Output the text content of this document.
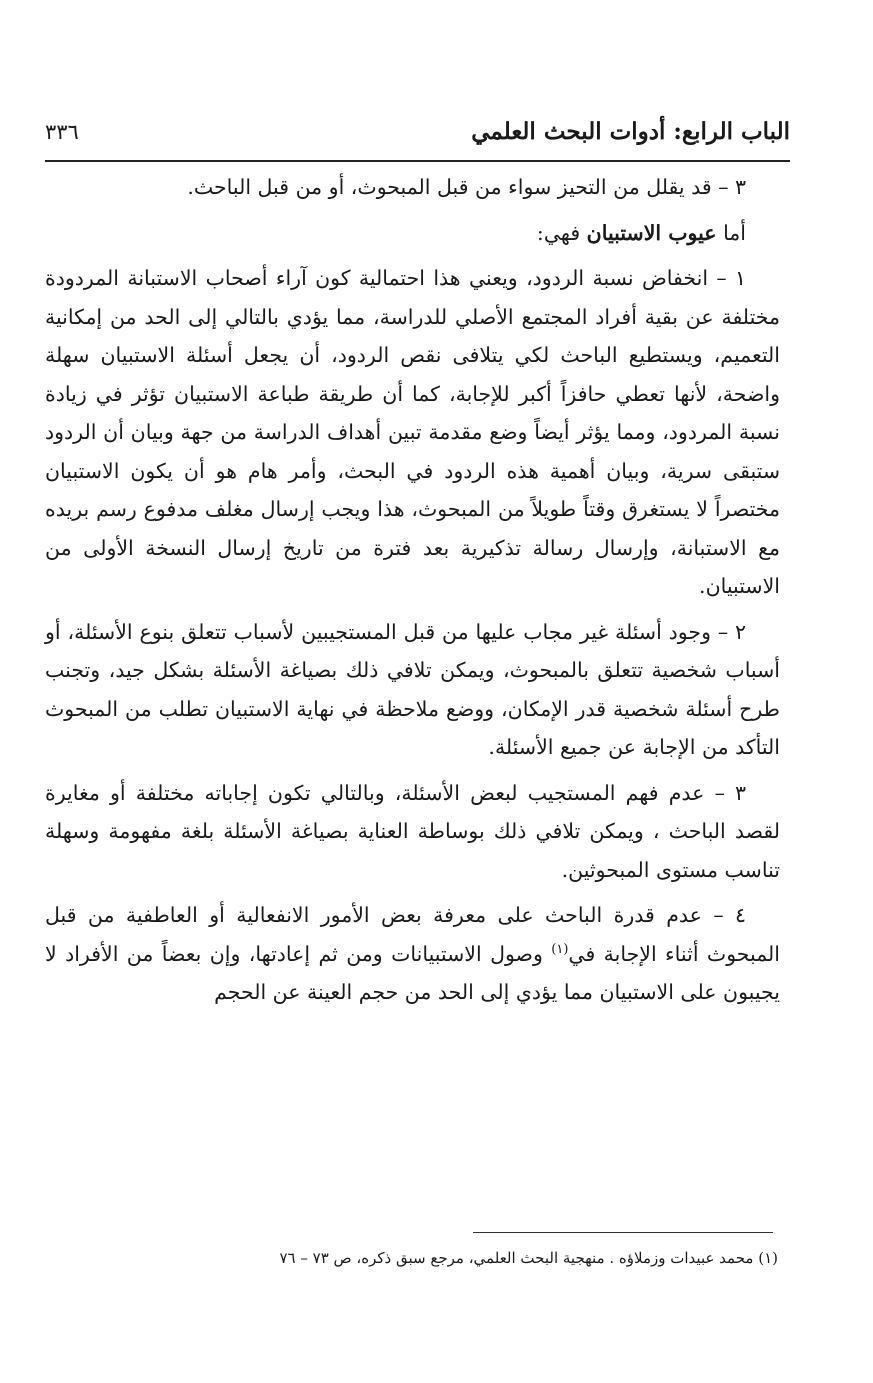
الباب الرابع: أدوات البحث العلمي
٣٣٦

٣ – قد يقلل من التحيز سواء من قبل المبحوث، أو من قبل الباحث.

أما عيوب الاستبيان فهي:

١ – انخفاض نسبة الردود، ويعني هذا احتمالية كون آراء أصحاب الاستبانة المردودة مختلفة عن بقية أفراد المجتمع الأصلي للدراسة، مما يؤدي بالتالي إلى الحد من إمكانية التعميم، ويستطيع الباحث لكي يتلافى نقص الردود، أن يجعل أسئلة الاستبيان سهلة واضحة، لأنها تعطي حافزاً أكبر للإجابة، كما أن طريقة طباعة الاستبيان تؤثر في زيادة نسبة المردود، ومما يؤثر أيضاً وضع مقدمة تبين أهداف الدراسة من جهة وبيان أن الردود ستبقى سرية، وبيان أهمية هذه الردود في البحث، وأمر هام هو أن يكون الاستبيان مختصراً لا يستغرق وقتاً طويلاً من المبحوث، هذا ويجب إرسال مغلف مدفوع رسم بريده مع الاستبانة، وإرسال رسالة تذكيرية بعد فترة من تاريخ إرسال النسخة الأولى من الاستبيان.

٢ – وجود أسئلة غير مجاب عليها من قبل المستجيبين لأسباب تتعلق بنوع الأسئلة، أو أسباب شخصية تتعلق بالمبحوث، ويمكن تلافي ذلك بصياغة الأسئلة بشكل جيد، وتجنب طرح أسئلة شخصية قدر الإمكان، ووضع ملاحظة في نهاية الاستبيان تطلب من المبحوث التأكد من الإجابة عن جميع الأسئلة.

٣ – عدم فهم المستجيب لبعض الأسئلة، وبالتالي تكون إجاباته مختلفة أو مغايرة لقصد الباحث ، ويمكن تلافي ذلك بوساطة العناية بصياغة الأسئلة بلغة مفهومة وسهلة تناسب مستوى المبحوثين.

٤ – عدم قدرة الباحث على معرفة بعض الأمور الانفعالية أو العاطفية من قبل المبحوث أثناء الإجابة في$^{(١)}$ وصول الاستبيانات ومن ثم إعادتها، وإن بعضاً من الأفراد لا يجيبون على الاستبيان مما يؤدي إلى الحد من حجم العينة عن الحجم

(١) محمد عبيدات وزملاؤه . منهجية البحث العلمي، مرجع سبق ذكره، ص ٧٣ – ٧٦
